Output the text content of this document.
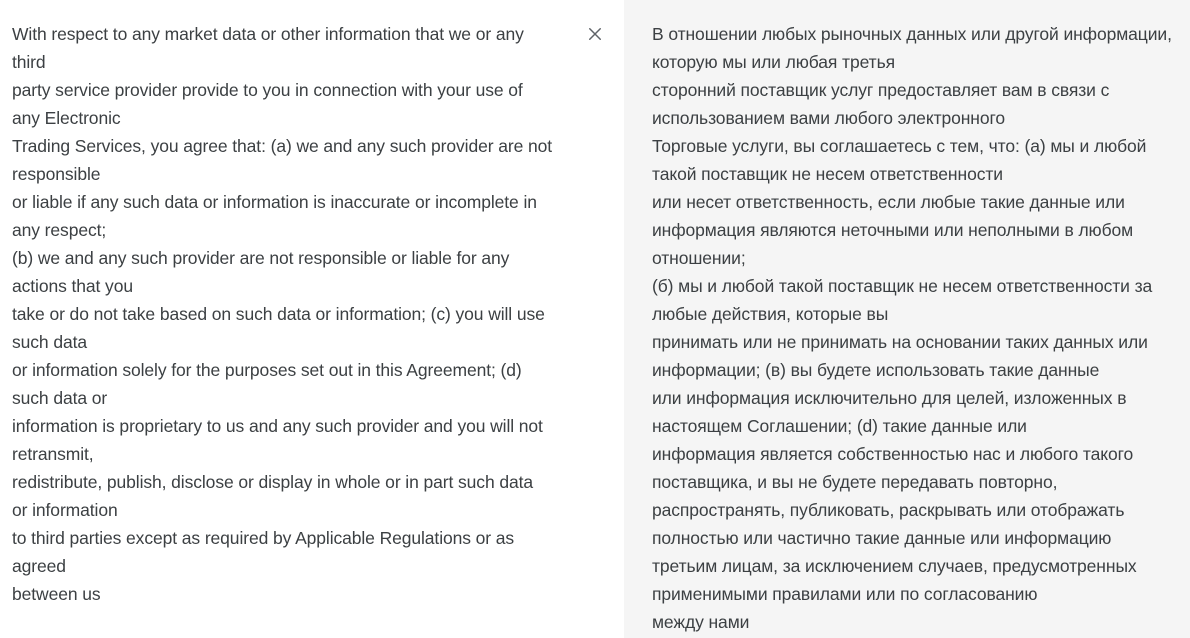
With respect to any market data or other information that we or any
third
party service provider provide to you in connection with your use of
any Electronic
Trading Services, you agree that: (a) we and any such provider are not
responsible
or liable if any such data or information is inaccurate or incomplete in
any respect;
(b) we and any such provider are not responsible or liable for any
actions that you
take or do not take based on such data or information; (c) you will use
such data
or information solely for the purposes set out in this Agreement; (d)
such data or
information is proprietary to us and any such provider and you will not
retransmit,
redistribute, publish, disclose or display in whole or in part such data
or information
to third parties except as required by Applicable Regulations or as
agreed
between us
В отношении любых рыночных данных или другой информации,
которую мы или любая третья
сторонний поставщик услуг предоставляет вам в связи с
использованием вами любого электронного
Торговые услуги, вы соглашаетесь с тем, что: (а) мы и любой
такой поставщик не несем ответственности
или несет ответственность, если любые такие данные или
информация являются неточными или неполными в любом
отношении;
(б) мы и любой такой поставщик не несем ответственности за
любые действия, которые вы
принимать или не принимать на основании таких данных или
информации; (в) вы будете использовать такие данные
или информация исключительно для целей, изложенных в
настоящем Соглашении; (d) такие данные или
информация является собственностью нас и любого такого
поставщика, и вы не будете передавать повторно,
распространять, публиковать, раскрывать или отображать
полностью или частично такие данные или информацию
третьим лицам, за исключением случаев, предусмотренных
применимыми правилами или по согласованию
между нами
